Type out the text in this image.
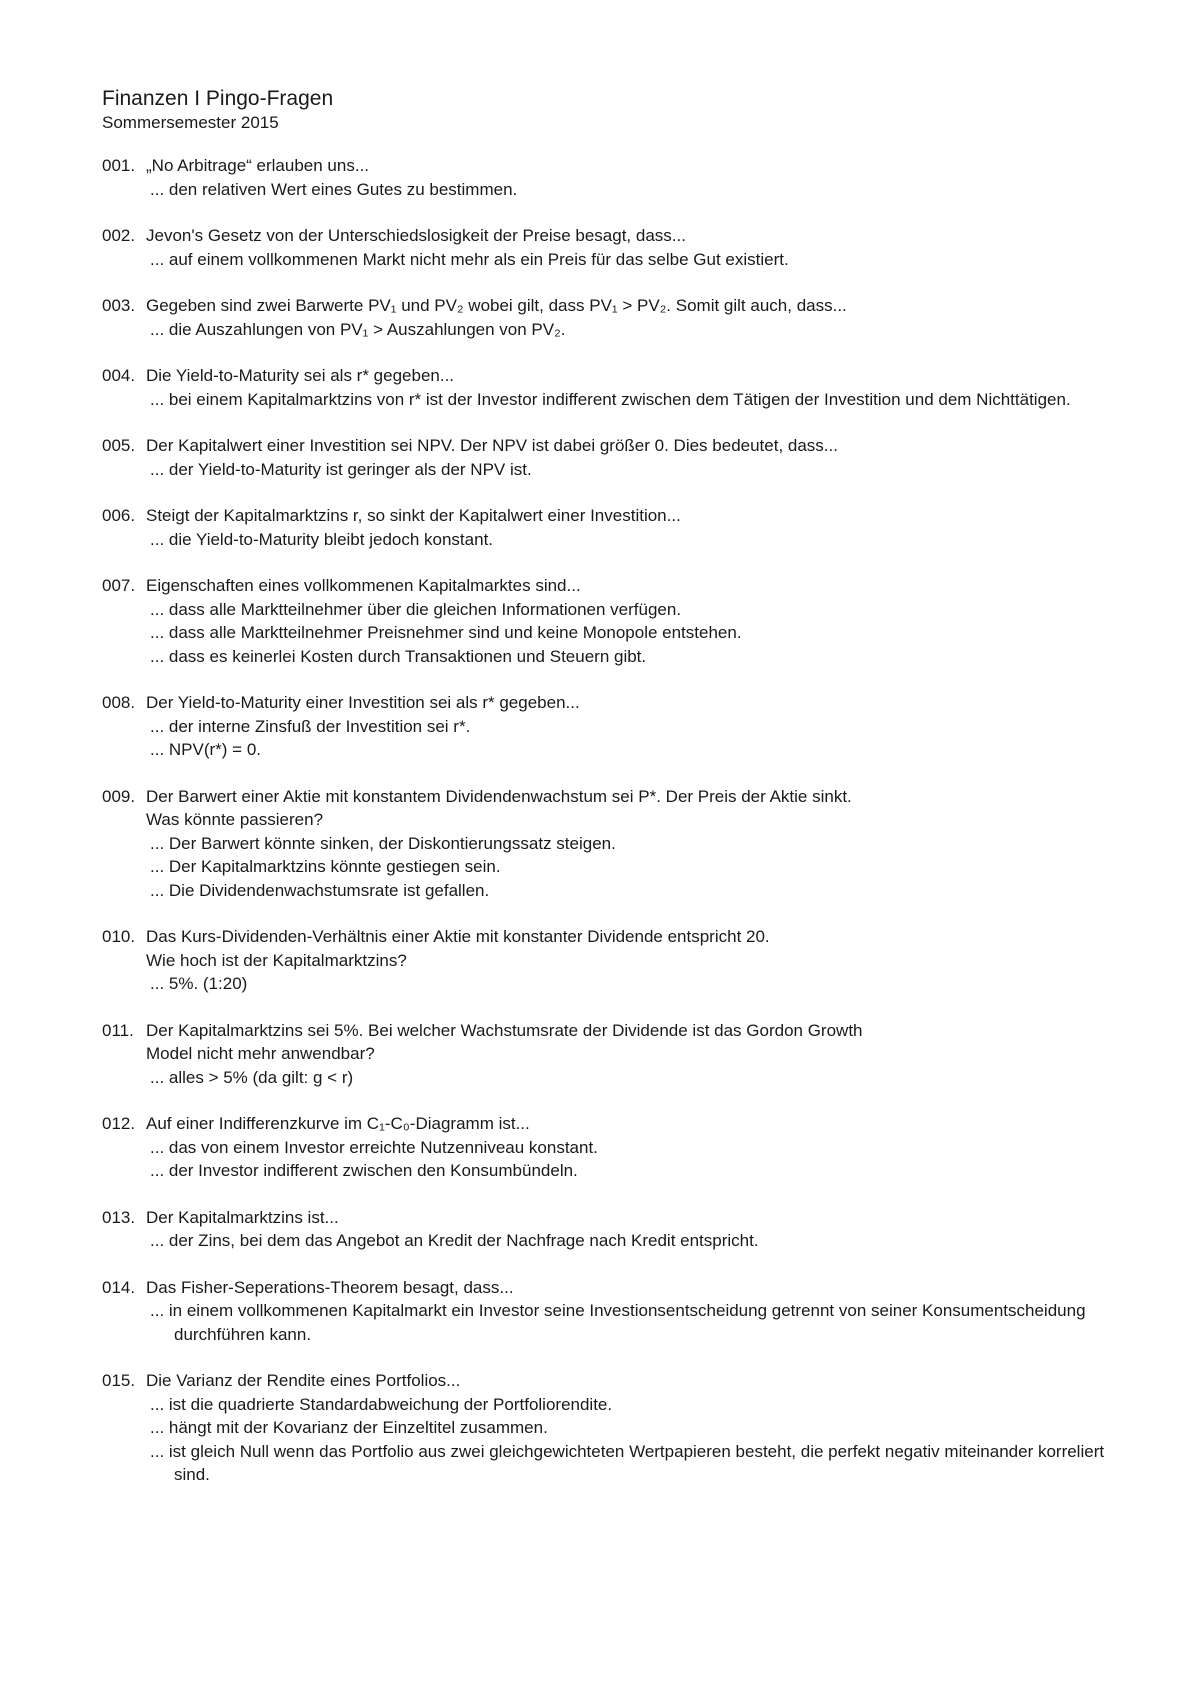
Finanzen I Pingo-Fragen
Sommersemester 2015
001. „No Arbitrage“ erlauben uns...
... den relativen Wert eines Gutes zu bestimmen.
002. Jevon's Gesetz von der Unterschiedslosigkeit der Preise besagt, dass...
... auf einem vollkommenen Markt nicht mehr als ein Preis für das selbe Gut existiert.
003. Gegeben sind zwei Barwerte PV₁ und PV₂ wobei gilt, dass PV₁ > PV₂. Somit gilt auch, dass...
... die Auszahlungen von PV₁ > Auszahlungen von PV₂.
004. Die Yield-to-Maturity sei als r* gegeben...
... bei einem Kapitalmarktzins von r* ist der Investor indifferent zwischen dem Tätigen der Investition und dem Nichttätigen.
005. Der Kapitalwert einer Investition sei NPV. Der NPV ist dabei größer 0. Dies bedeutet, dass...
... der Yield-to-Maturity ist geringer als der NPV ist.
006. Steigt der Kapitalmarktzins r, so sinkt der Kapitalwert einer Investition...
... die Yield-to-Maturity bleibt jedoch konstant.
007. Eigenschaften eines vollkommenen Kapitalmarktes sind...
... dass alle Marktteilnehmer über die gleichen Informationen verfügen.
... dass alle Marktteilnehmer Preisnehmer sind und keine Monopole entstehen.
... dass es keinerlei Kosten durch Transaktionen und Steuern gibt.
008. Der Yield-to-Maturity einer Investition sei als r* gegeben...
... der interne Zinsfuß der Investition sei r*.
... NPV(r*) = 0.
009. Der Barwert einer Aktie mit konstantem Dividendenwachstum sei P*. Der Preis der Aktie sinkt.
Was könnte passieren?
... Der Barwert könnte sinken, der Diskontierungssatz steigen.
... Der Kapitalmarktzins könnte gestiegen sein.
... Die Dividendenwachstumsrate ist gefallen.
010. Das Kurs-Dividenden-Verhältnis einer Aktie mit konstanter Dividende entspricht 20.
Wie hoch ist der Kapitalmarktzins?
... 5%. (1:20)
011. Der Kapitalmarktzins sei 5%. Bei welcher Wachstumsrate der Dividende ist das Gordon Growth
Model nicht mehr anwendbar?
... alles > 5% (da gilt: g < r)
012. Auf einer Indifferenzkurve im C₁-C₀-Diagramm ist...
... das von einem Investor erreichte Nutzenniveau konstant.
... der Investor indifferent zwischen den Konsumbündeln.
013. Der Kapitalmarktzins ist...
... der Zins, bei dem das Angebot an Kredit der Nachfrage nach Kredit entspricht.
014. Das Fisher-Seperations-Theorem besagt, dass...
... in einem vollkommenen Kapitalmarkt ein Investor seine Investionsentscheidung getrennt von seiner Konsumentscheidung durchführen kann.
015. Die Varianz der Rendite eines Portfolios...
... ist die quadrierte Standardabweichung der Portfoliorendite.
... hängt mit der Kovarianz der Einzeltitel zusammen.
... ist gleich Null wenn das Portfolio aus zwei gleichgewichteten Wertpapieren besteht, die perfekt negativ miteinander korreliert sind.
